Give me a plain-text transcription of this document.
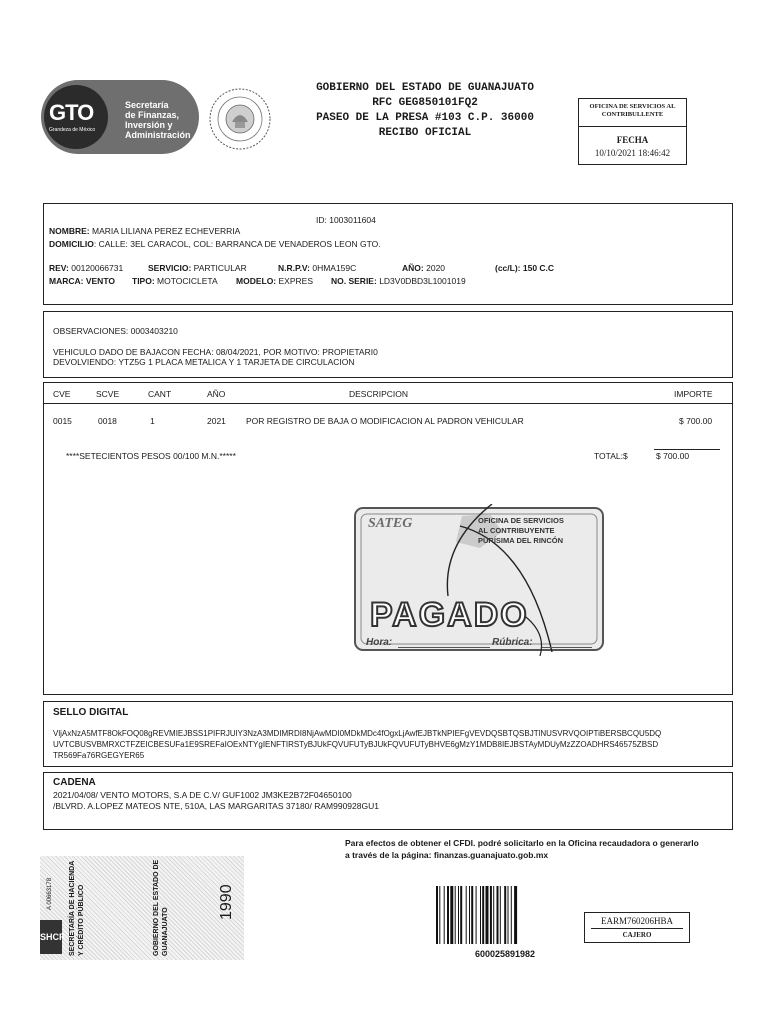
GTO
Grandeza de México
Secretaría
de Finanzas,
Inversión y
Administración
GOBIERNO DEL ESTADO DE GUANAJUATO
RFC GEG850101FQ2
PASEO DE LA PRESA #103 C.P. 36000
RECIBO OFICIAL
OFICINA DE SERVICIOS AL CONTRIBULLENTE
FECHA
10/10/2021 18:46:42
ID: 1003011604
NOMBRE: MARIA LILIANA PEREZ ECHEVERRIA
DOMICILIO: CALLE: 3EL CARACOL, COL: BARRANCA DE VENADEROS LEON GTO.
REV: 00120066731	SERVICIO: PARTICULAR	N.R.P.V: 0HMA159C	AÑO: 2020	(cc/L): 150 C.C
MARCA: VENTO TIPO: MOTOCICLETA MODELO: EXPRES NO. SERIE: LD3V0DBD3L1001019
OBSERVACIONES: 0003403210
VEHICULO DADO DE BAJACON FECHA: 08/04/2021, POR MOTIVO: PROPIETARI0
DEVOLVIENDO: YTZ5G 1 PLACA METALICA Y 1 TARJETA DE CIRCULACION
CVE	SCVE	CANT	AÑO	DESCRIPCION	IMPORTE
0015	0018	1	2021 POR REGISTRO DE BAJA O MODIFICACION AL PADRON VEHICULAR	$ 700.00
****SETECIENTOS PESOS 00/100 M.N.*****	TOTAL:$	$ 700.00
SATEG	OFICINA DE SERVICIOS
AL CONTRIBUYENTE
PURÍSIMA DEL RINCÓN
PAGADO
Hora:	Rúbrica:
SELLO DIGITAL
VljAxNzA5MTF8OkFOQ08gREVMIEJBSS1PIFRJUlY3NzA3MDIMRDI8NjAwMDI0MDkMDc4fOgxLjAwfEJBTkNPIEFgVEVDQSBTQSBJTlNUSVRVQOIPTiBERSBCQU5DQ
UVTCBUSVBMRXCTFZEICBESUFa1E9SREFaIOExNTYgIENFTIRSTyBJUkFQVUFUTyBJUkFQVUFUTyBHVE6gMzY1MDB8IEJBSTAyMDUyMzZZOADHRS46575ZBSD
TR569Fa76RGEGYER65
CADENA
2021/04/08/ VENTO MOTORS, S.A DE C.V/ GUF1002 JM3KE2B72F04650100
/BLVRD. A.LOPEZ MATEOS NTE, 510A, LAS MARGARITAS 37180/ RAM990928GU1
Para efectos de obtener el CFDI. podré solicitarlo en la Oficina recaudadora o generarlo
a través de la página: finanzas.guanajuato.gob.mx
SHCP
A 00663178 SECRETARÍA DE HACIENDA Y CRÉDITO PÚBLICO	GOBIERNO DEL ESTADO DE GUANAJUATO
1990
600025891982
EARM760206HBA
CAJERO
